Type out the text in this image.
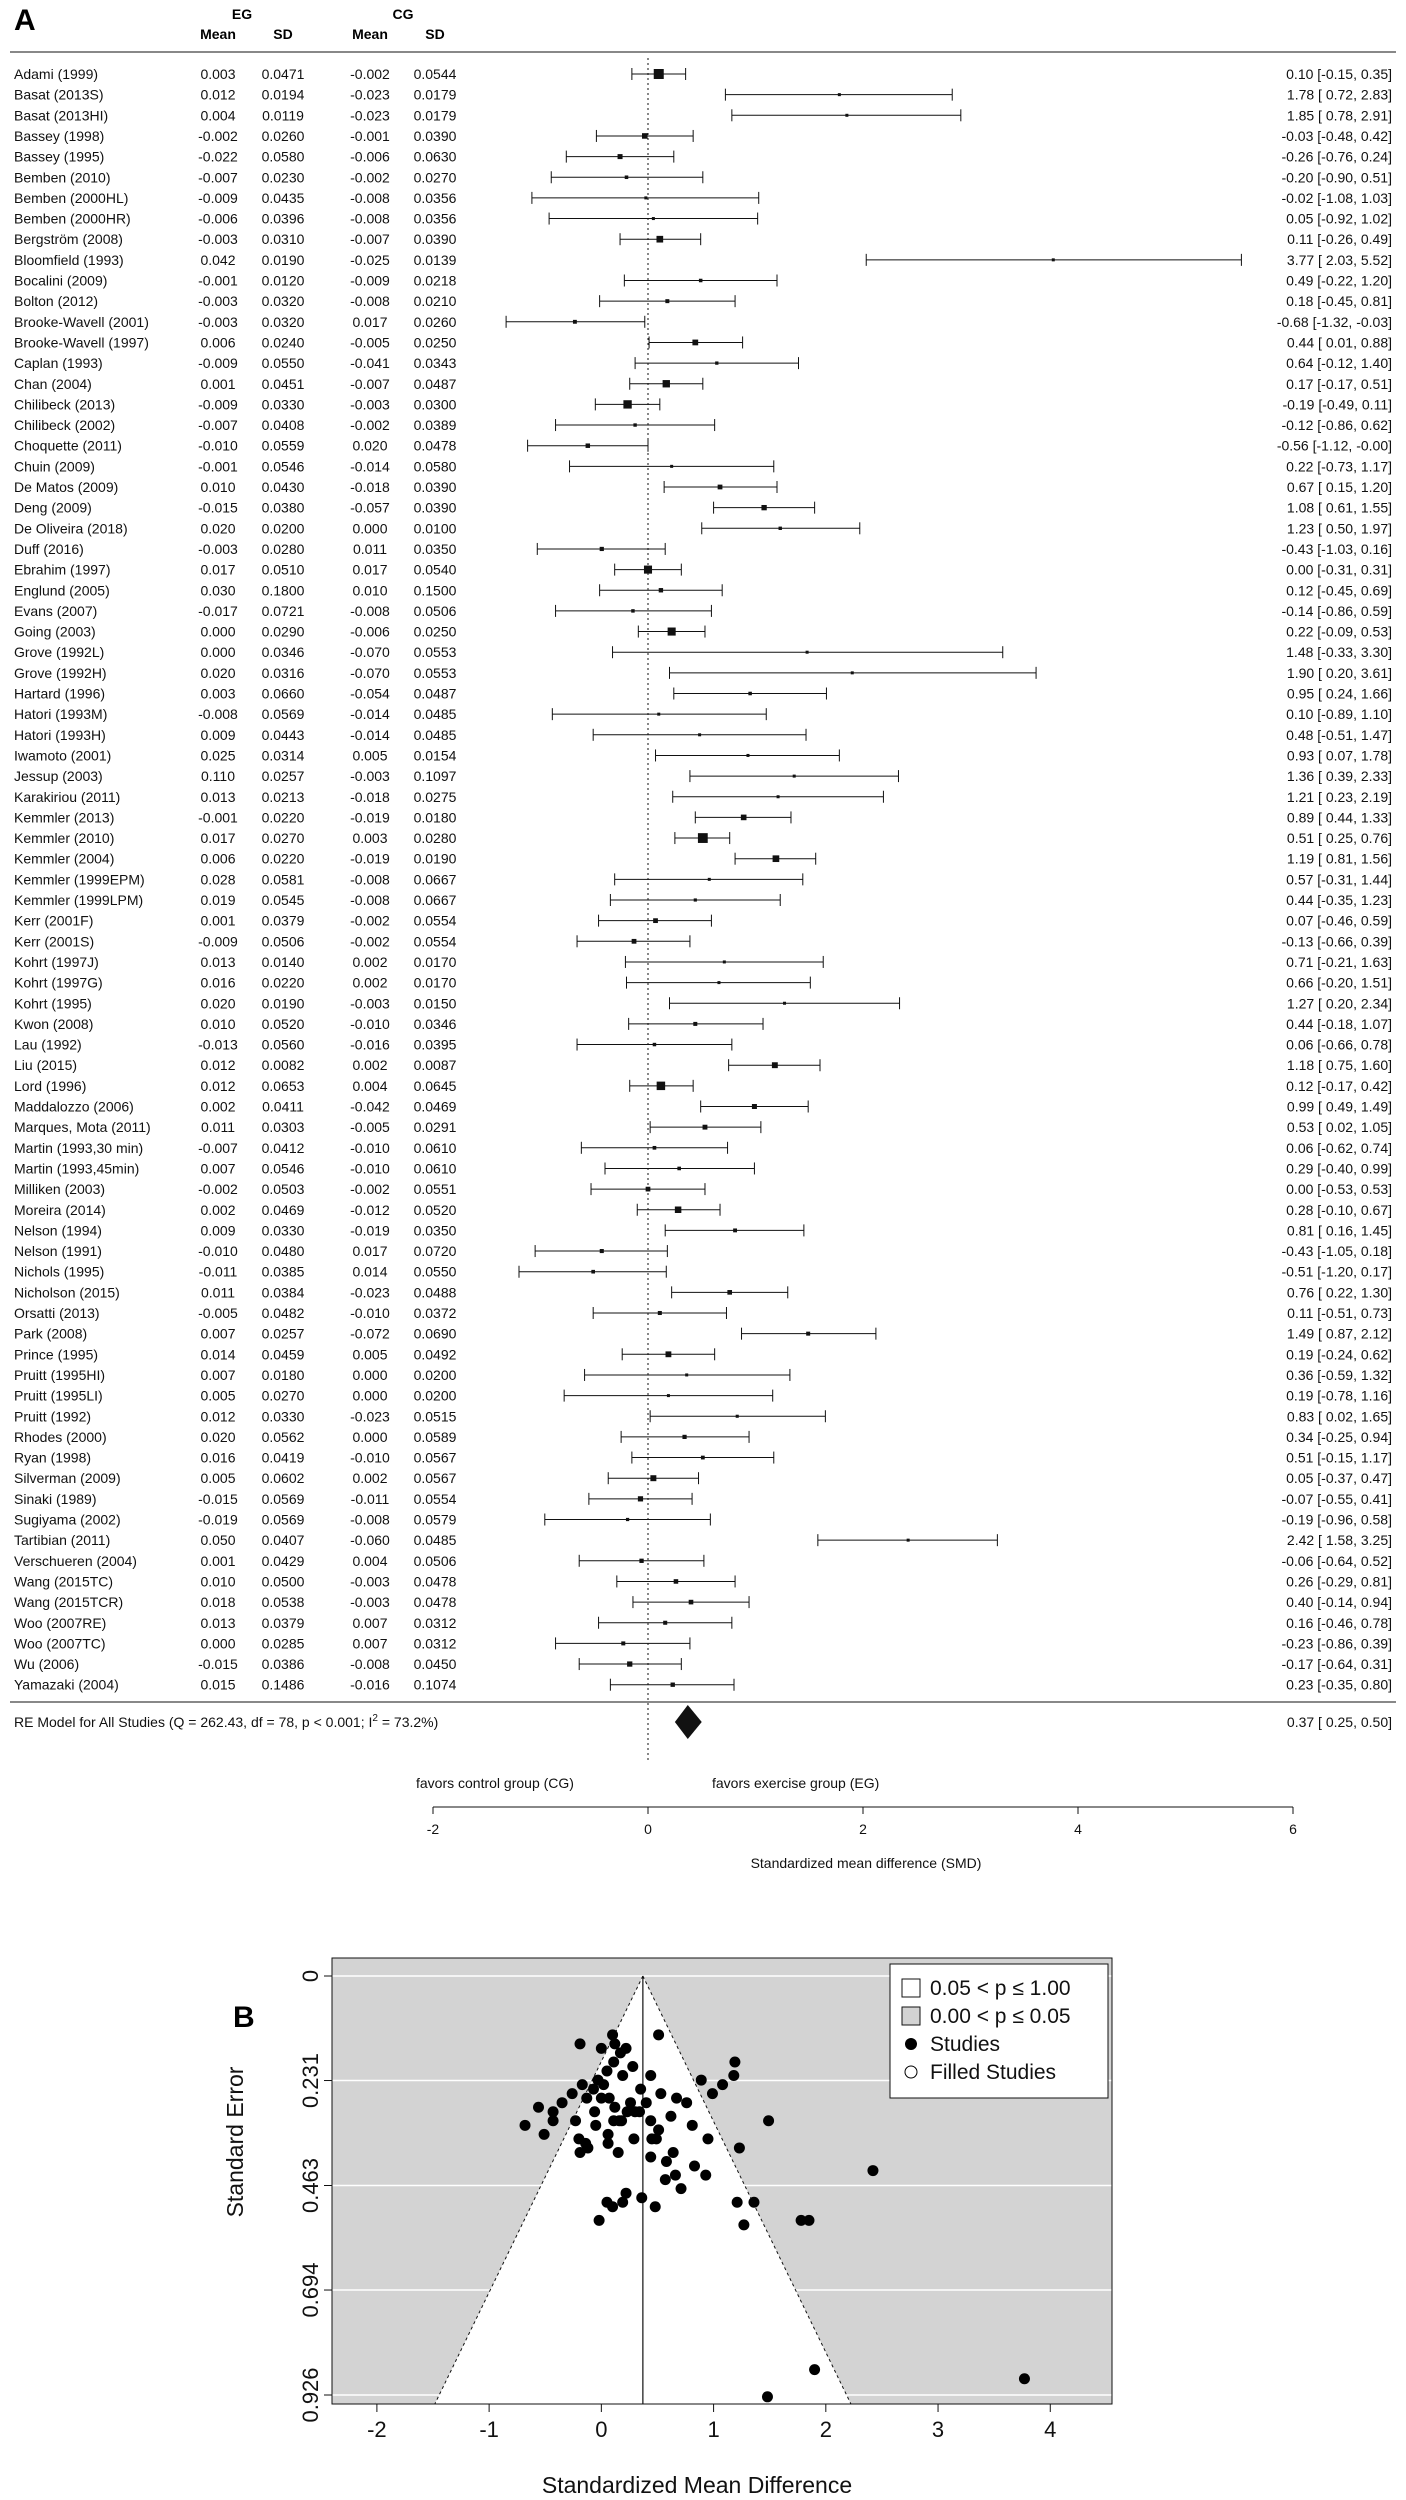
A	EG	CG
Mean	SD	Mean	SD
Adami (1999)	0.003 0.0471	-0.002 0.0544	0.10 [-0.15, 0.35]
Basat (2013S)	0.012 0.0194	-0.023 0.0179	1.78 [ 0.72, 2.83]
Basat (2013HI)	0.004 0.0119	-0.023 0.0179	1.85 [ 0.78, 2.91]
Bassey (1998)	-0.002 0.0260	-0.001 0.0390	-0.03 [-0.48, 0.42]
Bassey (1995)	-0.022 0.0580	-0.006 0.0630	-0.26 [-0.76, 0.24]
Bemben (2010)	-0.007 0.0230	-0.002 0.0270	-0.20 [-0.90, 0.51]
Bemben (2000HL)	-0.009 0.0435	-0.008 0.0356	-0.02 [-1.08, 1.03]
Bemben (2000HR)	-0.006 0.0396	-0.008 0.0356	0.05 [-0.92, 1.02]
Bergström (2008)	-0.003 0.0310	-0.007 0.0390	0.11 [-0.26, 0.49]
Bloomfield (1993)	0.042 0.0190	-0.025 0.0139	3.77 [ 2.03, 5.52]
Bocalini (2009)	-0.001 0.0120	-0.009 0.0218	0.49 [-0.22, 1.20]
Bolton (2012)	-0.003 0.0320	-0.008 0.0210	0.18 [-0.45, 0.81]
Brooke-Wavell (2001)	-0.003 0.0320	0.017 0.0260	-0.68 [-1.32, -0.03]
Brooke-Wavell (1997)	0.006 0.0240	-0.005 0.0250	0.44 [ 0.01, 0.88]
Caplan (1993)	-0.009 0.0550	-0.041 0.0343	0.64 [-0.12, 1.40]
Chan (2004)	0.001 0.0451	-0.007 0.0487	0.17 [-0.17, 0.51]
Chilibeck (2013)	-0.009 0.0330	-0.003 0.0300	-0.19 [-0.49, 0.11]
Chilibeck (2002)	-0.007 0.0408	-0.002 0.0389	-0.12 [-0.86, 0.62]
Choquette (2011)	-0.010 0.0559	0.020 0.0478	-0.56 [-1.12, -0.00]
Chuin (2009)	-0.001 0.0546	-0.014 0.0580	0.22 [-0.73, 1.17]
De Matos (2009)	0.010 0.0430	-0.018 0.0390	0.67 [ 0.15, 1.20]
Deng (2009)	-0.015 0.0380	-0.057 0.0390	1.08 [ 0.61, 1.55]
De Oliveira (2018)	0.020 0.0200	0.000 0.0100	1.23 [ 0.50, 1.97]
Duff (2016)	-0.003 0.0280	0.011 0.0350	-0.43 [-1.03, 0.16]
Ebrahim (1997)	0.017 0.0510	0.017 0.0540	0.00 [-0.31, 0.31]
Englund (2005)	0.030 0.1800	0.010 0.1500	0.12 [-0.45, 0.69]
Evans (2007)	-0.017 0.0721	-0.008 0.0506	-0.14 [-0.86, 0.59]
Going (2003)	0.000 0.0290	-0.006 0.0250	0.22 [-0.09, 0.53]
Grove (1992L)	0.000 0.0346	-0.070 0.0553	1.48 [-0.33, 3.30]
Grove (1992H)	0.020 0.0316	-0.070 0.0553	1.90 [ 0.20, 3.61]
Hartard (1996)	0.003 0.0660	-0.054 0.0487	0.95 [ 0.24, 1.66]
Hatori (1993M)	-0.008 0.0569	-0.014 0.0485	0.10 [-0.89, 1.10]
Hatori (1993H)	0.009 0.0443	-0.014 0.0485	0.48 [-0.51, 1.47]
Iwamoto (2001)	0.025 0.0314	0.005 0.0154	0.93 [ 0.07, 1.78]
Jessup (2003)	0.110 0.0257	-0.003 0.1097	1.36 [ 0.39, 2.33]
Karakiriou (2011)	0.013 0.0213	-0.018 0.0275	1.21 [ 0.23, 2.19]
Kemmler (2013)	-0.001 0.0220	-0.019 0.0180	0.89 [ 0.44, 1.33]
Kemmler (2010)	0.017 0.0270	0.003 0.0280	0.51 [ 0.25, 0.76]
Kemmler (2004)	0.006 0.0220	-0.019 0.0190	1.19 [ 0.81, 1.56]
Kemmler (1999EPM)	0.028 0.0581	-0.008 0.0667	0.57 [-0.31, 1.44]
Kemmler (1999LPM)	0.019 0.0545	-0.008 0.0667	0.44 [-0.35, 1.23]
Kerr (2001F)	0.001 0.0379	-0.002 0.0554	0.07 [-0.46, 0.59]
Kerr (2001S)	-0.009 0.0506	-0.002 0.0554	-0.13 [-0.66, 0.39]
Kohrt (1997J)	0.013 0.0140	0.002 0.0170	0.71 [-0.21, 1.63]
Kohrt (1997G)	0.016 0.0220	0.002 0.0170	0.66 [-0.20, 1.51]
Kohrt (1995)	0.020 0.0190	-0.003 0.0150	1.27 [ 0.20, 2.34]
Kwon (2008)	0.010 0.0520	-0.010 0.0346	0.44 [-0.18, 1.07]
Lau (1992)	-0.013 0.0560	-0.016 0.0395	0.06 [-0.66, 0.78]
Liu (2015)	0.012 0.0082	0.002 0.0087	1.18 [ 0.75, 1.60]
Lord (1996)	0.012 0.0653	0.004 0.0645	0.12 [-0.17, 0.42]
Maddalozzo (2006)	0.002 0.0411	-0.042 0.0469	0.99 [ 0.49, 1.49]
Marques, Mota (2011)	0.011 0.0303	-0.005 0.0291	0.53 [ 0.02, 1.05]
Martin (1993,30 min)	-0.007 0.0412	-0.010 0.0610	0.06 [-0.62, 0.74]
Martin (1993,45min)	0.007 0.0546	-0.010 0.0610	0.29 [-0.40, 0.99]
Milliken (2003)	-0.002 0.0503	-0.002 0.0551	0.00 [-0.53, 0.53]
Moreira (2014)	0.002 0.0469	-0.012 0.0520	0.28 [-0.10, 0.67]
Nelson (1994)	0.009 0.0330	-0.019 0.0350	0.81 [ 0.16, 1.45]
Nelson (1991)	-0.010 0.0480	0.017 0.0720	-0.43 [-1.05, 0.18]
Nichols (1995)	-0.011 0.0385	0.014 0.0550	-0.51 [-1.20, 0.17]
Nicholson (2015)	0.011 0.0384	-0.023 0.0488	0.76 [ 0.22, 1.30]
Orsatti (2013)	-0.005 0.0482	-0.010 0.0372	0.11 [-0.51, 0.73]
Park (2008)	0.007 0.0257	-0.072 0.0690	1.49 [ 0.87, 2.12]
Prince (1995)	0.014 0.0459	0.005 0.0492	0.19 [-0.24, 0.62]
Pruitt (1995HI)	0.007 0.0180	0.000 0.0200	0.36 [-0.59, 1.32]
Pruitt (1995LI)	0.005 0.0270	0.000 0.0200	0.19 [-0.78, 1.16]
Pruitt (1992)	0.012 0.0330	-0.023 0.0515	0.83 [ 0.02, 1.65]
Rhodes (2000)	0.020 0.0562	0.000 0.0589	0.34 [-0.25, 0.94]
Ryan (1998)	0.016 0.0419	-0.010 0.0567	0.51 [-0.15, 1.17]
Silverman (2009)	0.005 0.0602	0.002 0.0567	0.05 [-0.37, 0.47]
Sinaki (1989)	-0.015 0.0569	-0.011 0.0554	-0.07 [-0.55, 0.41]
Sugiyama (2002)	-0.019 0.0569	-0.008 0.0579	-0.19 [-0.96, 0.58]
Tartibian (2011)	0.050 0.0407	-0.060 0.0485	2.42 [ 1.58, 3.25]
Verschueren (2004)	0.001 0.0429	0.004 0.0506	-0.06 [-0.64, 0.52]
Wang (2015TC)	0.010 0.0500	-0.003 0.0478	0.26 [-0.29, 0.81]
Wang (2015TCR)	0.018 0.0538	-0.003 0.0478	0.40 [-0.14, 0.94]
Woo (2007RE)	0.013 0.0379	0.007 0.0312	0.16 [-0.46, 0.78]
Woo (2007TC)	0.000 0.0285	0.007 0.0312	-0.23 [-0.86, 0.39]
Wu (2006)	-0.015 0.0386	-0.008 0.0450	-0.17 [-0.64, 0.31]
Yamazaki (2004)	0.015 0.1486	-0.016 0.1074	0.23 [-0.35, 0.80]
RE Model for All Studies (Q = 262.43, df = 78, p < 0.001; $I^2 = 73.2\%$)	0.37 [ 0.25, 0.50]
-2	0	2	4	6
favors control group (CG)	favors exercise group (EG)
Standardized mean difference (SMD)
B
0
0.231
0.463
0.694
0.926
-2	-1	0	1	2	3	4
Standardized Mean Difference
Standard Error
0.05 < p ≤ 1.00
0.00 < p ≤ 0.05
Studies
Filled Studies
